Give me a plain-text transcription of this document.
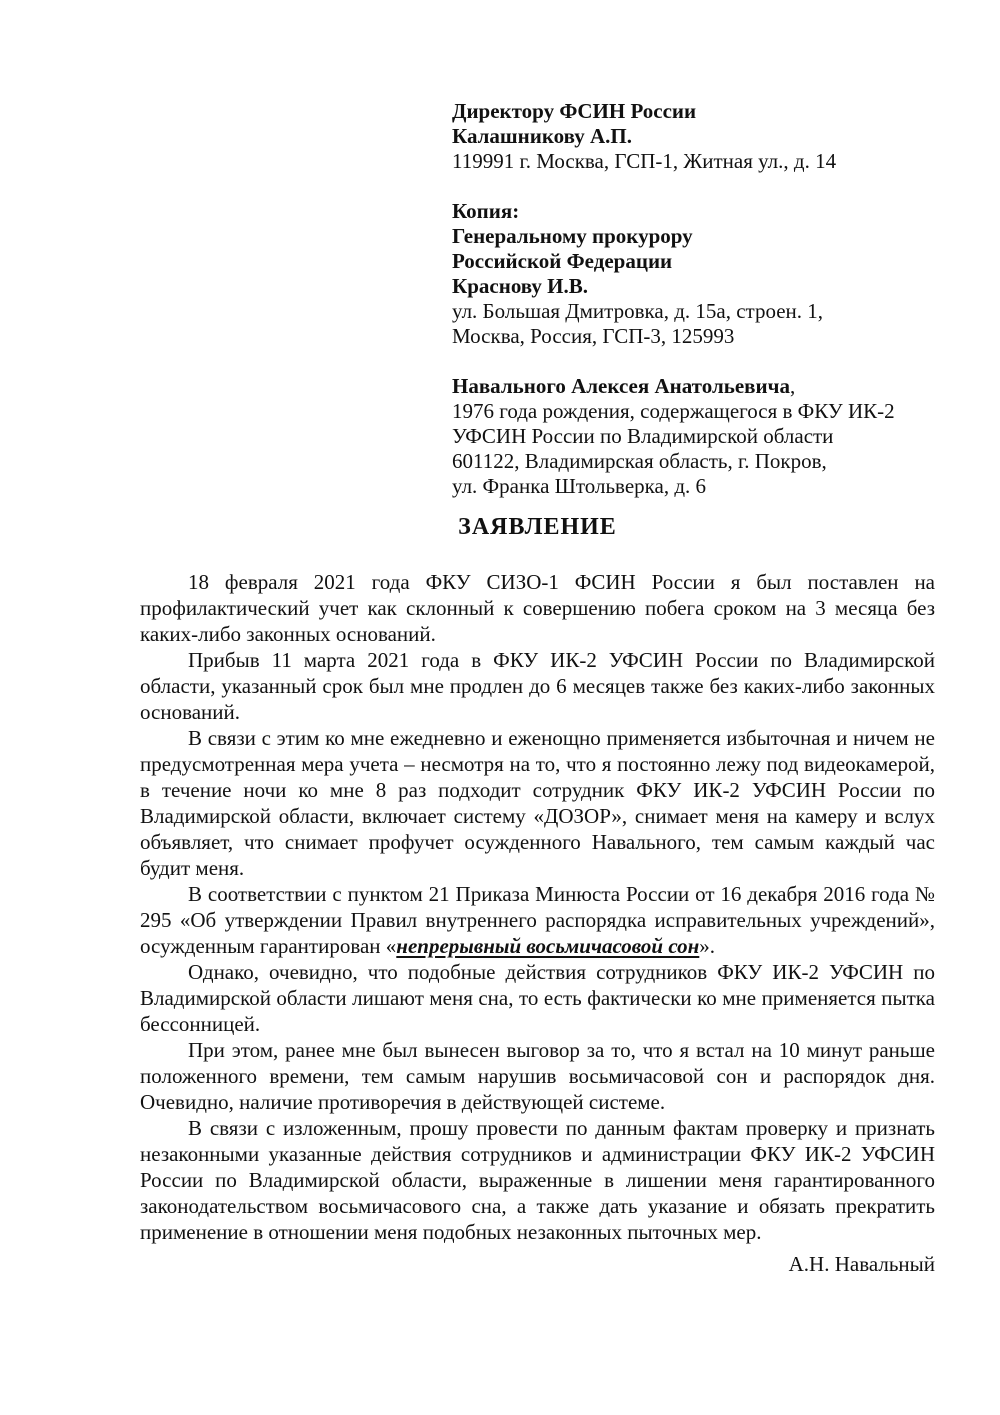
Директору ФСИН России
Калашникову А.П.
119991 г. Москва, ГСП-1, Житная ул., д. 14
Копия:
Генеральному прокурору
Российской Федерации
Краснову И.В.
ул. Большая Дмитровка, д. 15а, строен. 1,
Москва, Россия, ГСП-3, 125993
Навального Алексея Анатольевича,
1976 года рождения, содержащегося в ФКУ ИК-2
УФСИН России по Владимирской области
601122, Владимирская область, г. Покров,
ул. Франка Штольверка, д. 6
ЗАЯВЛЕНИЕ

18 февраля 2021 года ФКУ СИЗО-1 ФСИН России я был поставлен на профилактический учет как склонный к совершению побега сроком на 3 месяца без каких-либо законных оснований.

Прибыв 11 марта 2021 года в ФКУ ИК-2 УФСИН России по Владимирской области, указанный срок был мне продлен до 6 месяцев также без каких-либо законных оснований.

В связи с этим ко мне ежедневно и еженощно применяется избыточная и ничем не предусмотренная мера учета – несмотря на то, что я постоянно лежу под видеокамерой, в течение ночи ко мне 8 раз подходит сотрудник ФКУ ИК-2 УФСИН России по Владимирской области, включает систему «ДОЗОР», снимает меня на камеру и вслух объявляет, что снимает профучет осужденного Навального, тем самым каждый час будит меня.

В соответствии с пунктом 21 Приказа Минюста России от 16 декабря 2016 года № 295 «Об утверждении Правил внутреннего распорядка исправительных учреждений», осужденным гарантирован «непрерывный восьмичасовой сон».

Однако, очевидно, что подобные действия сотрудников ФКУ ИК-2 УФСИН по Владимирской области лишают меня сна, то есть фактически ко мне применяется пытка бессонницей.

При этом, ранее мне был вынесен выговор за то, что я встал на 10 минут раньше положенного времени, тем самым нарушив восьмичасовой сон и распорядок дня. Очевидно, наличие противоречия в действующей системе.

В связи с изложенным, прошу провести по данным фактам проверку и признать незаконными указанные действия сотрудников и администрации ФКУ ИК-2 УФСИН России по Владимирской области, выраженные в лишении меня гарантированного законодательством восьмичасового сна, а также дать указание и обязать прекратить применение в отношении меня подобных незаконных пыточных мер.

А.Н. Навальный
